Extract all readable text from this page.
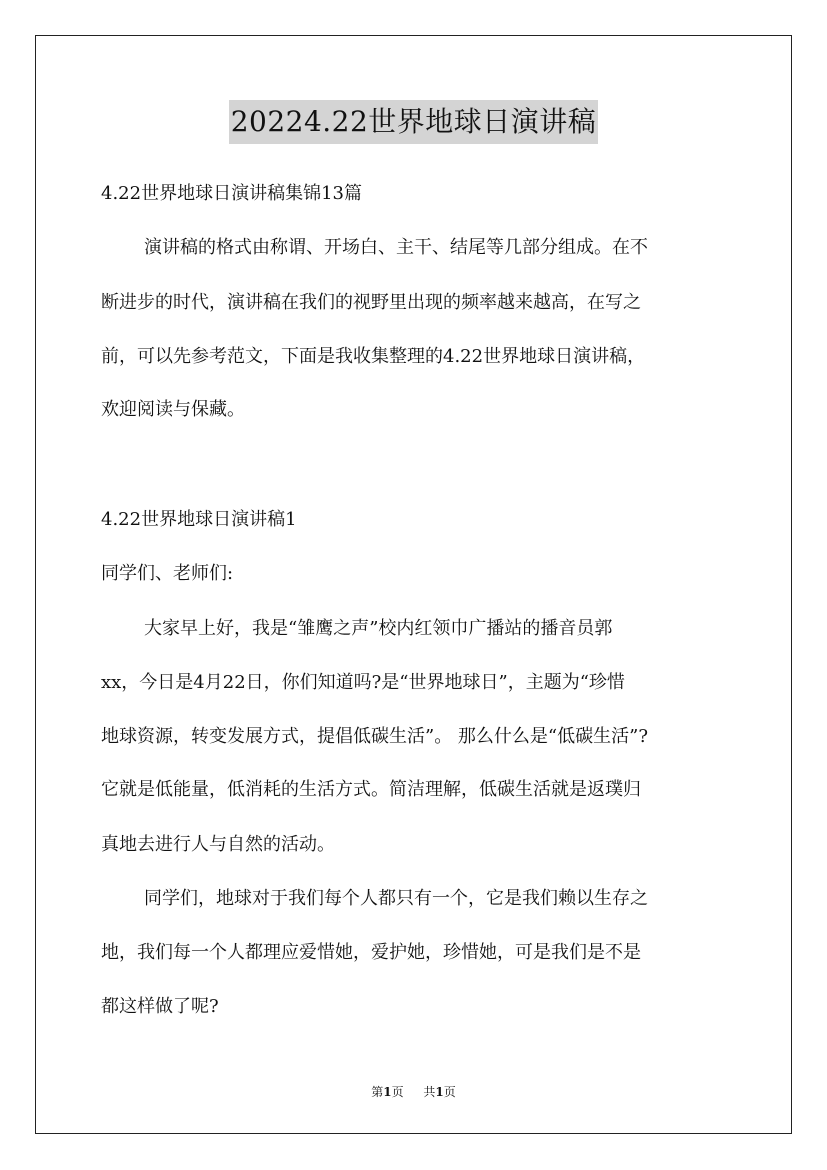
20224.22世界地球日演讲稿
4.22世界地球日演讲稿集锦13篇
演讲稿的格式由称谓、开场白、主干、结尾等几部分组成。在不
断进步的时代，演讲稿在我们的视野里出现的频率越来越高，在写之
前，可以先参考范文，下面是我收集整理的4.22世界地球日演讲稿，
欢迎阅读与保藏。
4.22世界地球日演讲稿1
同学们、老师们:
大家早上好，我是“雏鹰之声”校内红领巾广播站的播音员郭
xx，今日是4月22日，你们知道吗?是“世界地球日”，主题为“珍惜
地球资源，转变发展方式，提倡低碳生活”。 那么什么是“低碳生活”?
它就是低能量，低消耗的生活方式。简洁理解，低碳生活就是返璞归
真地去进行人与自然的活动。
同学们，地球对于我们每个人都只有一个，它是我们赖以生存之
地，我们每一个人都理应爱惜她，爱护她，珍惜她，可是我们是不是
都这样做了呢?
第1页 共1页
